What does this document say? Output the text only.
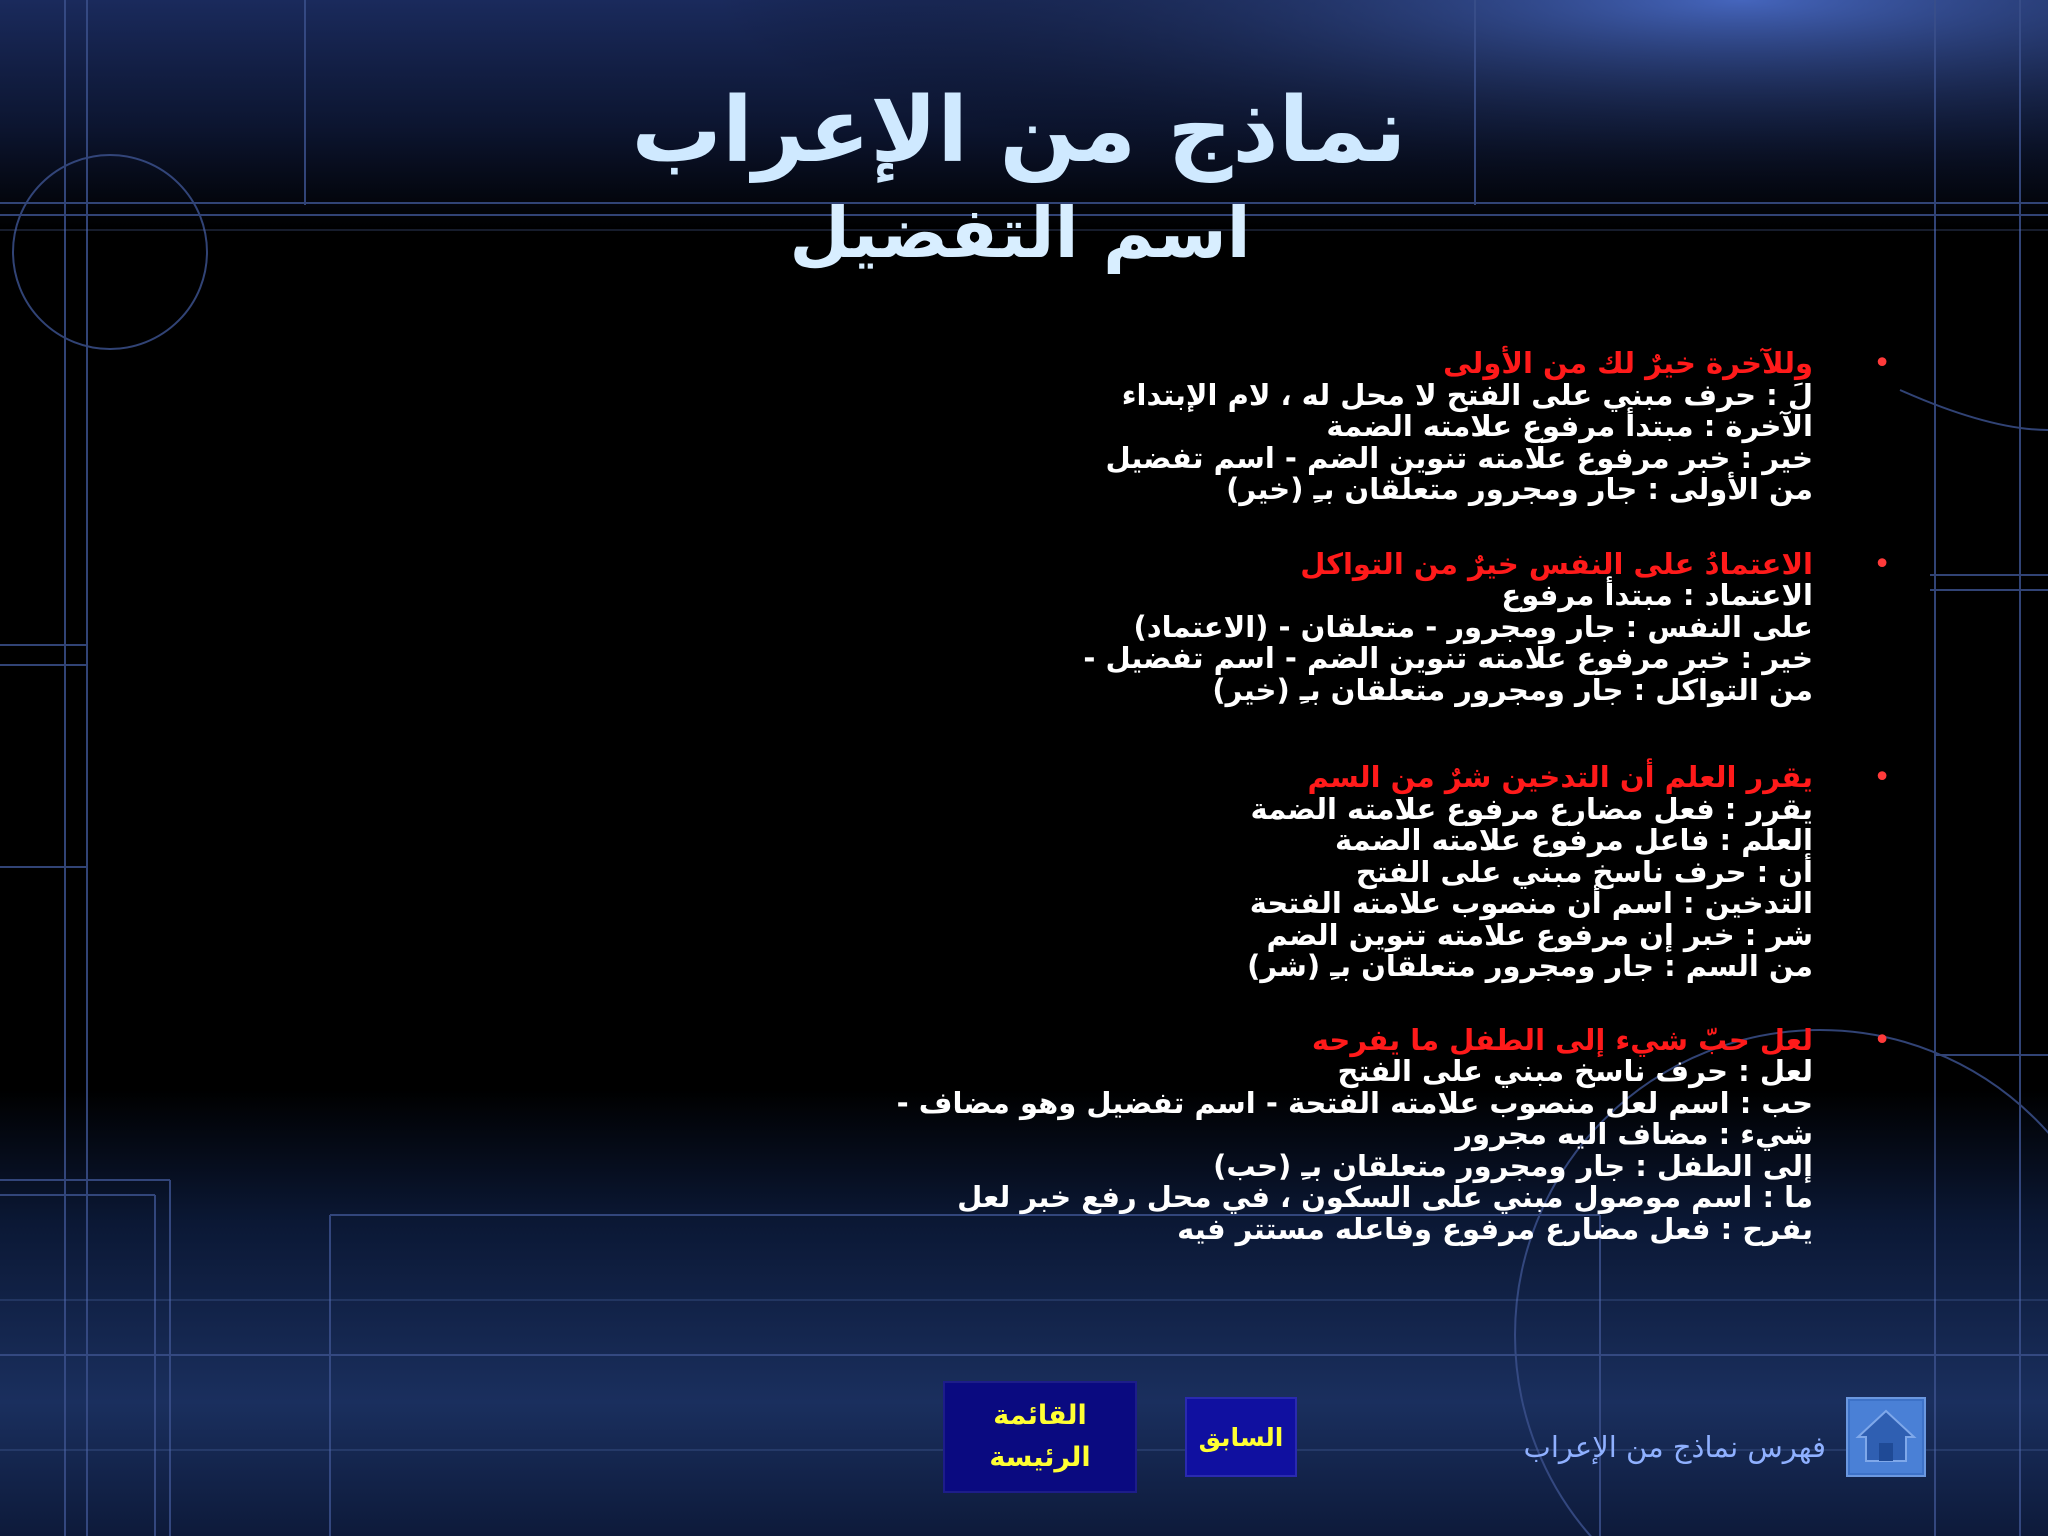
نماذج من الإعراب
اسم التفضيل
•
وللآخرة خيرٌ لك من الأولى
لَ : حرف مبني على الفتح لا محل له ، لام الإبتداء
الآخرة : مبتدأ مرفوع علامته الضمة
خير : خبر مرفوع علامته تنوين الضم - اسم تفضيل
من الأولى : جار ومجرور متعلقان بـِ (خير)
•
الاعتمادُ على النفس خيرٌ من التواكل
الاعتماد : مبتدأ مرفوع
على النفس : جار ومجرور - متعلقان - (الاعتماد)
خير : خبر مرفوع علامته تنوين الضم - اسم تفضيل -
من التواكل : جار ومجرور متعلقان بـِ (خير)
•
يقرر العلم أن التدخين شرٌ من السم
يقرر : فعل مضارع مرفوع علامته الضمة
العلم : فاعل مرفوع علامته الضمة
أن : حرف ناسخ مبني على الفتح
التدخين : اسم أن منصوب علامته الفتحة
شر : خبر إن مرفوع علامته تنوين الضم
من السم : جار ومجرور متعلقان بـِ (شر)
•
لعل حبّ شيء إلى الطفل ما يفرحه
لعل : حرف ناسخ مبني على الفتح
حب : اسم لعل منصوب علامته الفتحة - اسم تفضيل وهو مضاف -
شيء : مضاف اليه مجرور
إلى الطفل : جار ومجرور متعلقان بـِ (حب)
ما : اسم موصول مبني على السكون ، في محل رفع خبر لعل
يفرح : فعل مضارع مرفوع وفاعله مستتر فيه
القائمة
الرئيسة
السابق	فهرس نماذج من الإعراب
